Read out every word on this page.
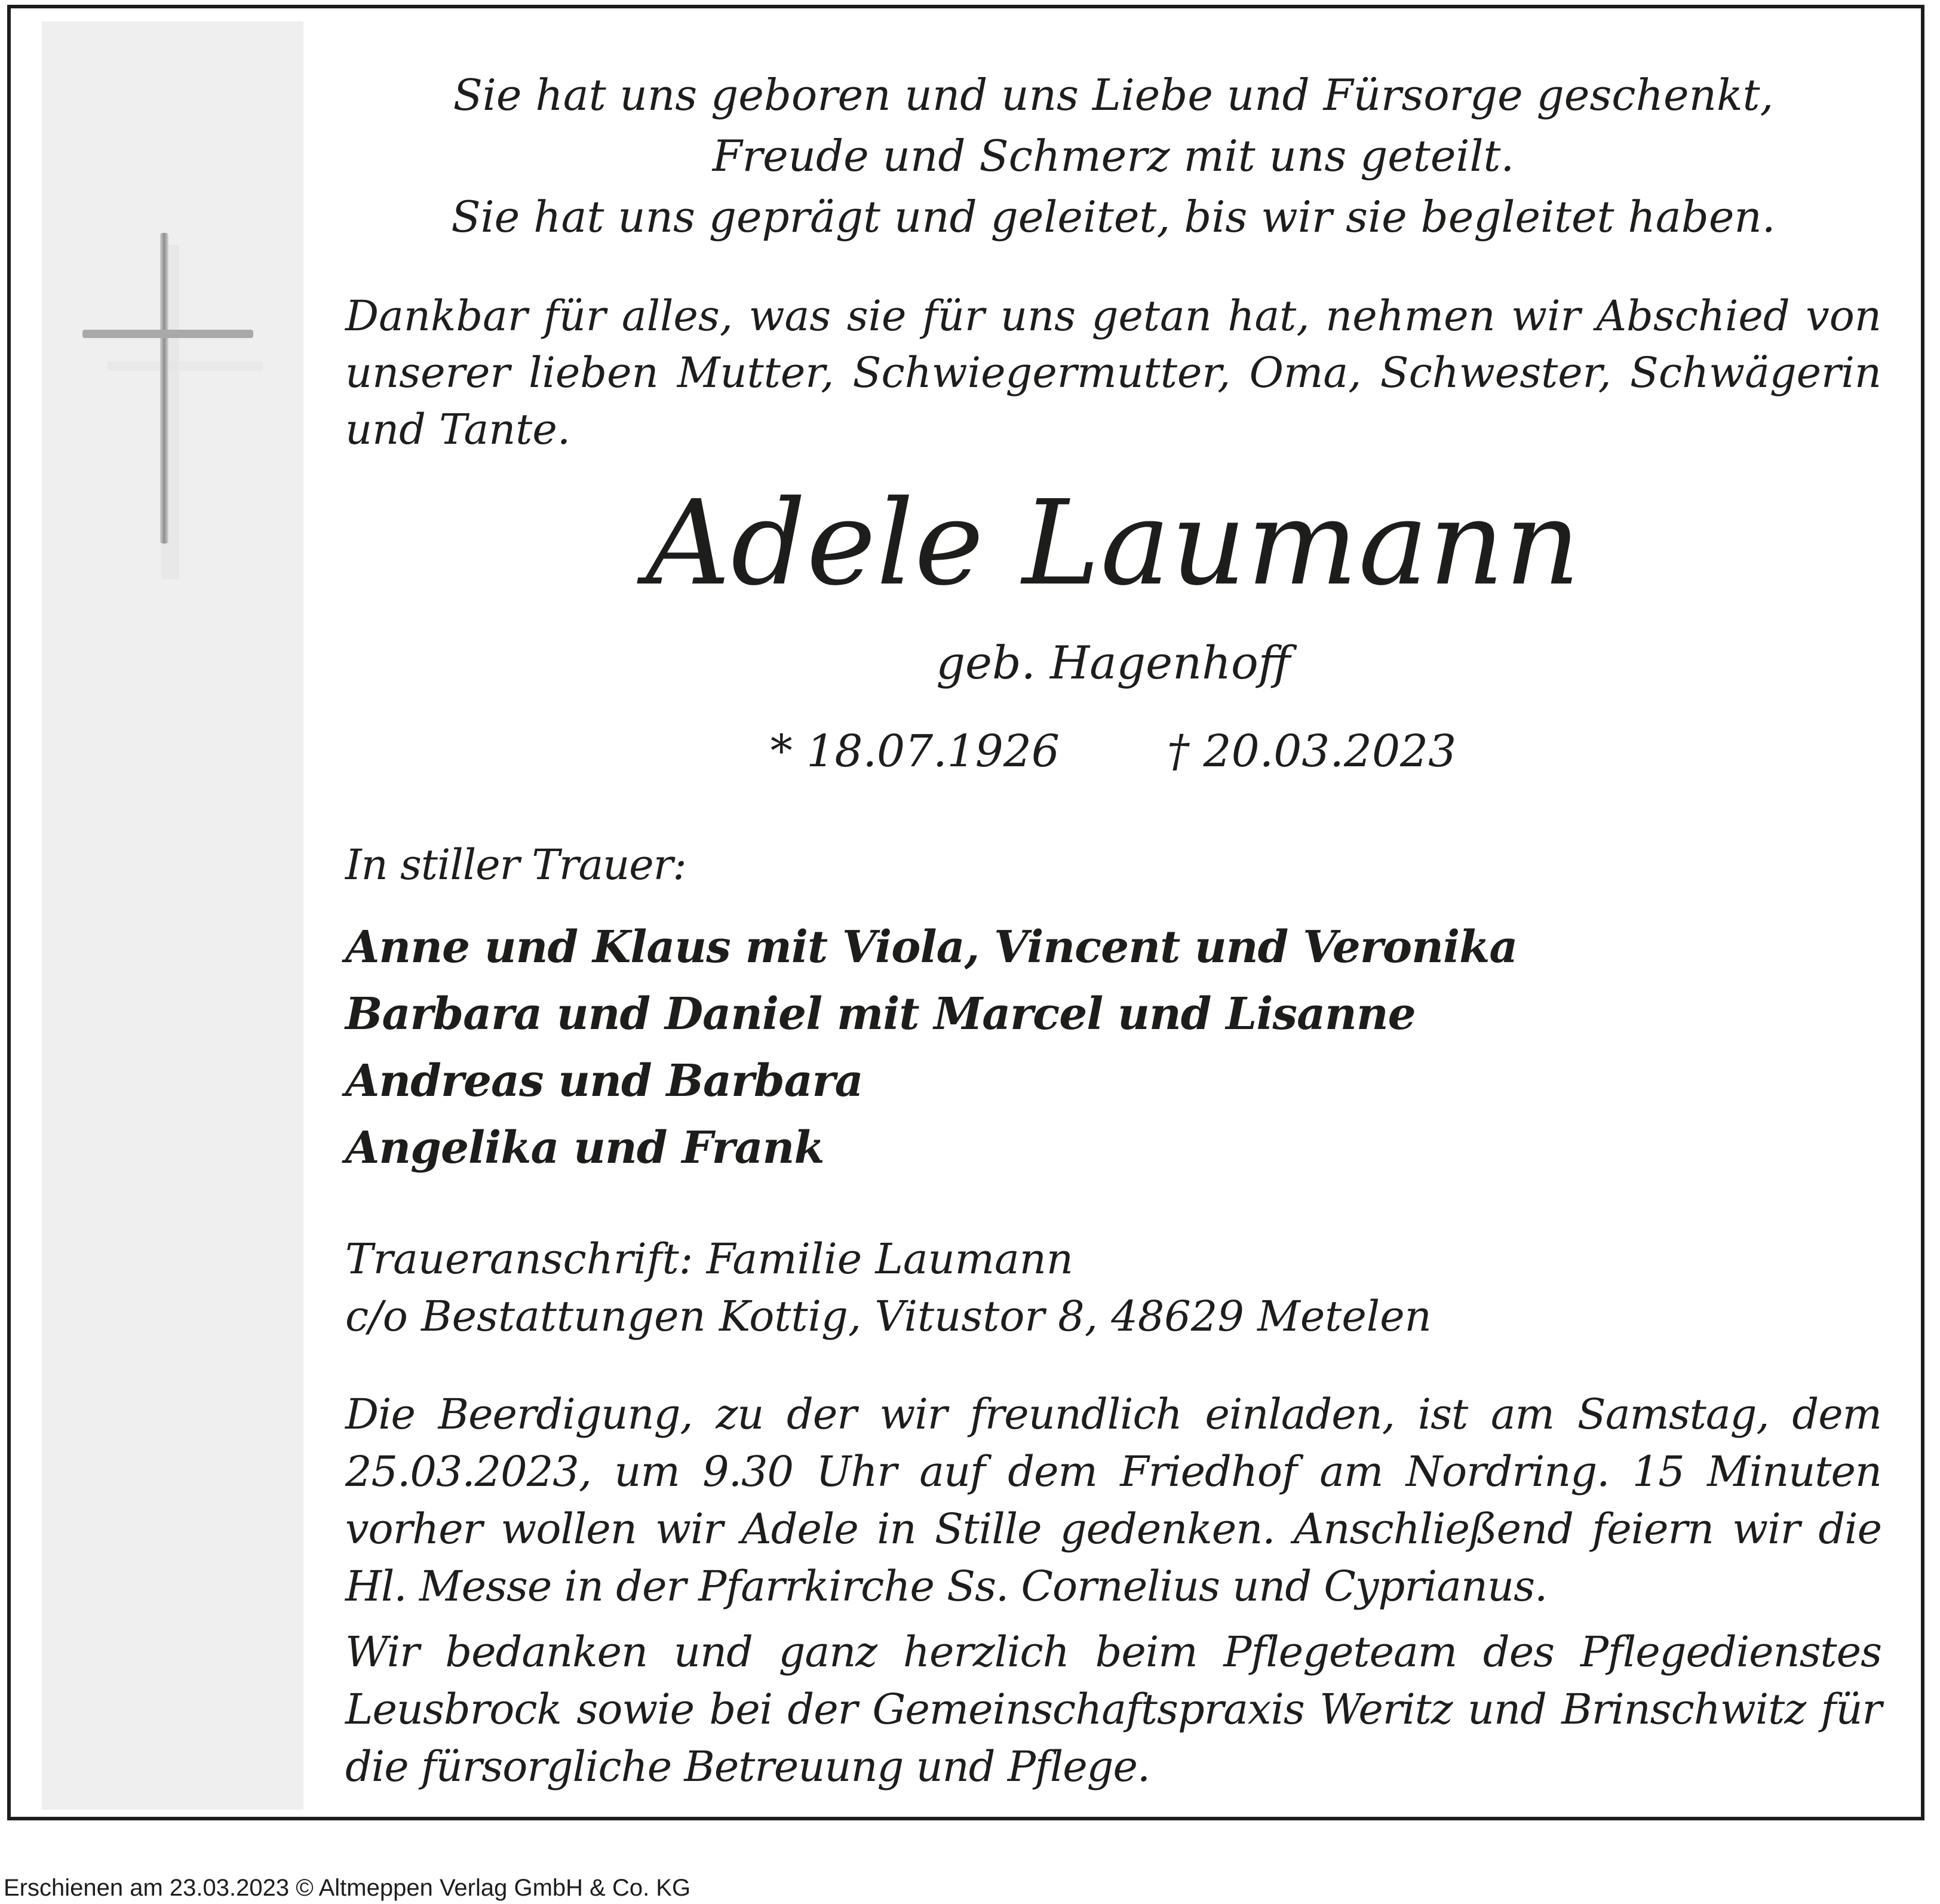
Sie hat uns geboren und uns Liebe und Fürsorge geschenkt,
Freude und Schmerz mit uns geteilt.
Sie hat uns geprägt und geleitet, bis wir sie begleitet haben.
Dankbar für alles, was sie für uns getan hat, nehmen wir Abschied von unserer lieben Mutter, Schwiegermutter, Oma, Schwester, Schwägerin und Tante.
Adele Laumann
geb. Hagenhoff
* 18.07.1926 † 20.03.2023
In stiller Trauer:
Anne und Klaus mit Viola, Vincent und Veronika
Barbara und Daniel mit Marcel und Lisanne
Andreas und Barbara
Angelika und Frank
Traueranschrift: Familie Laumann
c/o Bestattungen Kottig, Vitustor 8, 48629 Metelen
Die Beerdigung, zu der wir freundlich einladen, ist am Samstag, dem 25.03.2023, um 9.30 Uhr auf dem Friedhof am Nordring. 15 Minuten vorher wollen wir Adele in Stille gedenken. Anschließend feiern wir die Hl. Messe in der Pfarrkirche Ss. Cornelius und Cyprianus.
Wir bedanken und ganz herzlich beim Pflegeteam des Pflegedienstes Leusbrock sowie bei der Gemeinschaftspraxis Weritz und Brinschwitz für die fürsorgliche Betreuung und Pflege.
Erschienen am 23.03.2023 © Altmeppen Verlag GmbH & Co. KG
